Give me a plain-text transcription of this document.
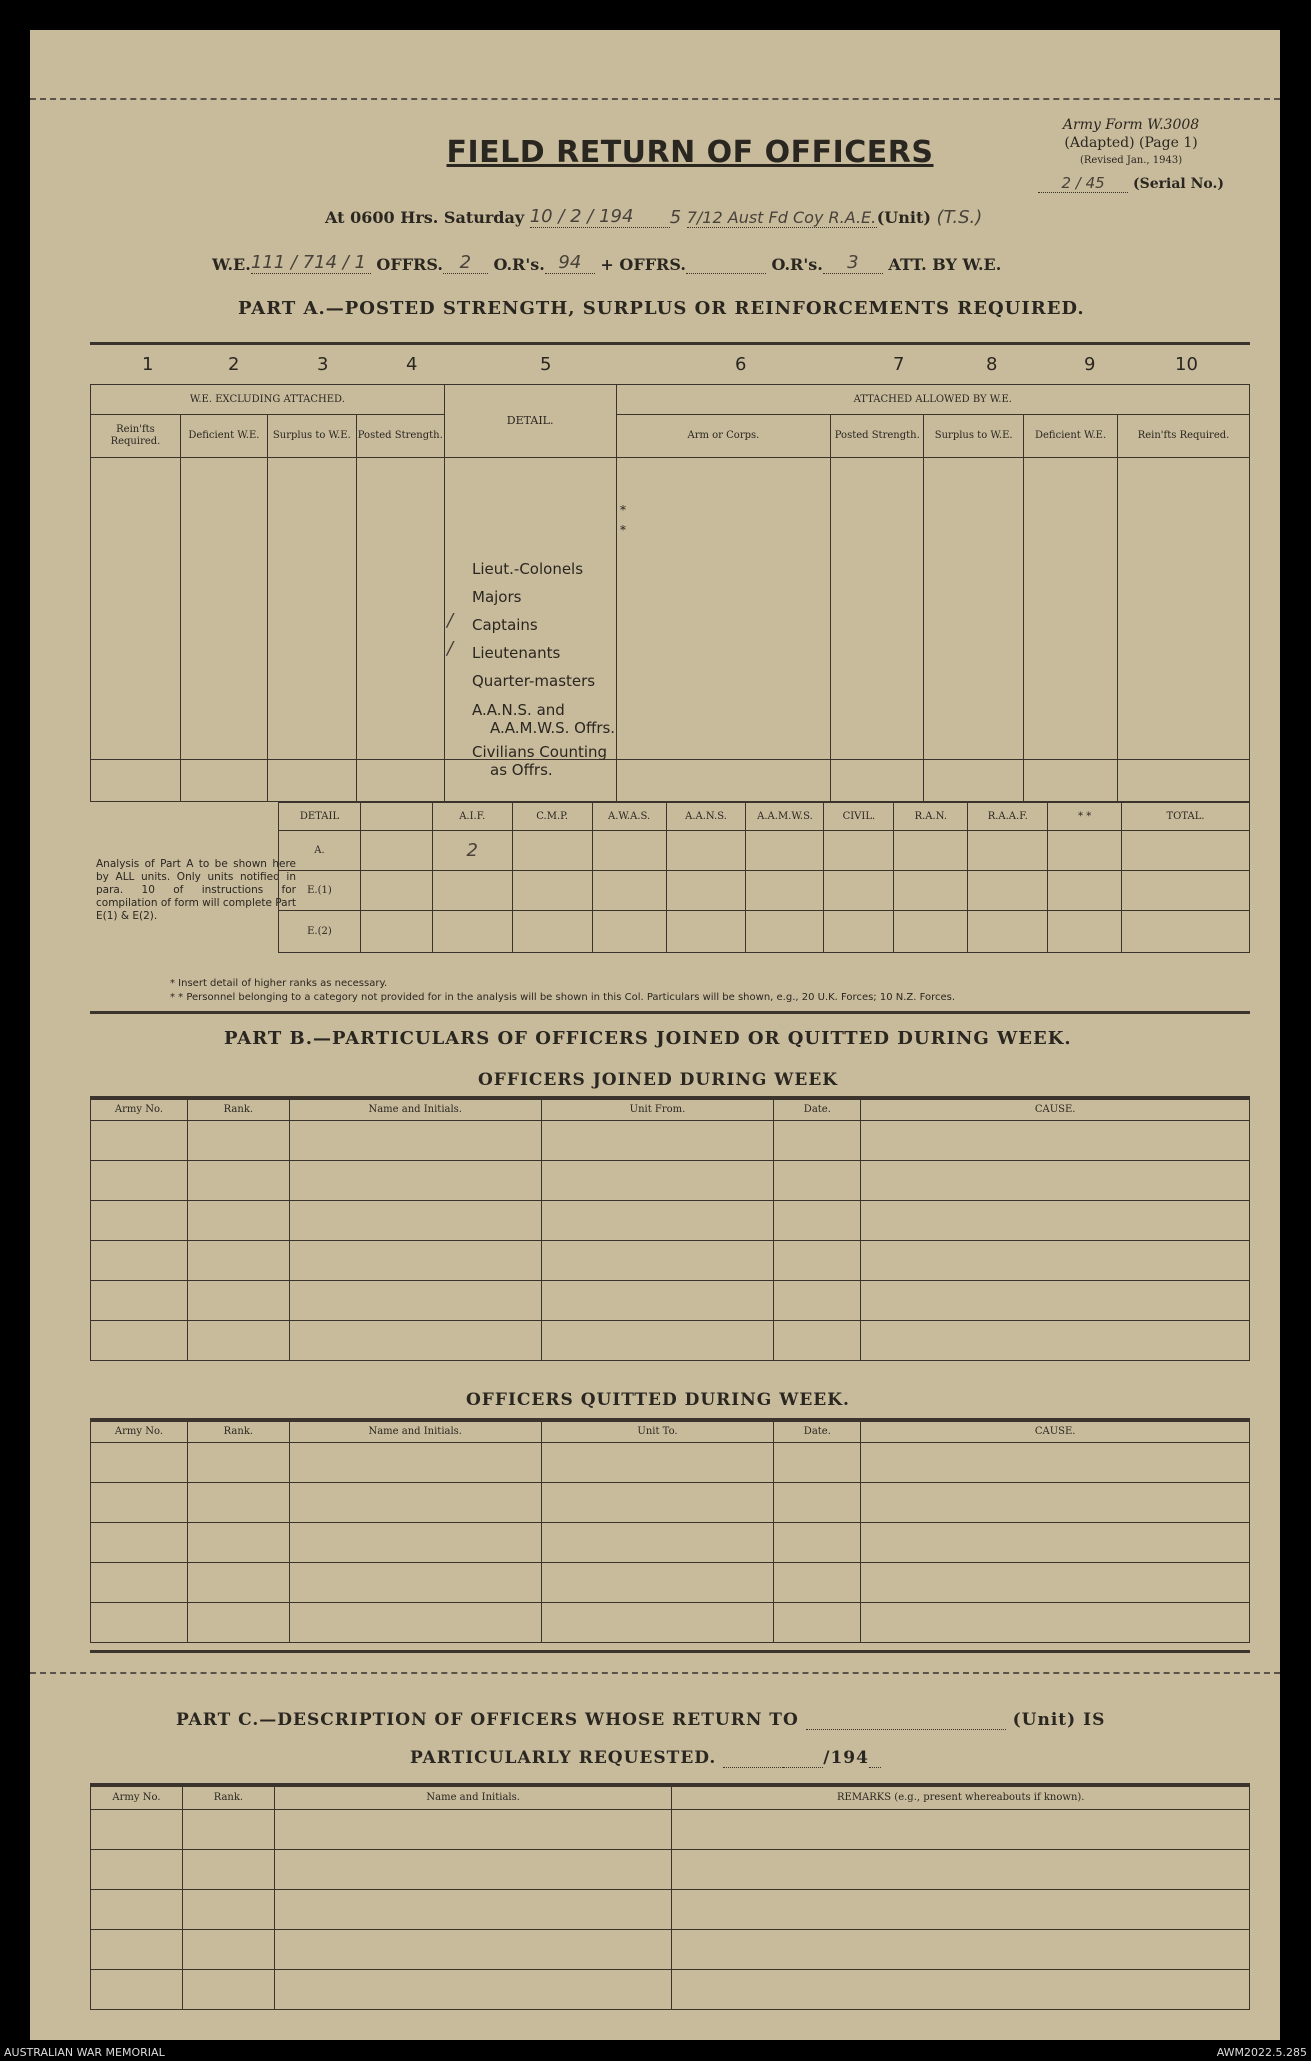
Army Form W.3008
(Adapted) (Page 1)
(Revised Jan., 1943)
2 / 45 (Serial No.)
FIELD RETURN OF OFFICERS
At 0600 Hrs. Saturday 10 / 2 / 194 5 7/12 Aust Fd Coy R.A.E.(Unit) (T.S.)
W.E.111 / 714 / 1 OFFRS. 2 O.R's. 94 + OFFRS.	O.R's. 3 ATT. BY W.E.
PART A.—POSTED STRENGTH, SURPLUS OR REINFORCEMENTS REQUIRED.
1	2	3	4	5	6	7	8	9	10
W.E. EXCLUDING ATTACHED.				DETAIL.	ATTACHED ALLOWED BY W.E.				
Rein'fts Required.	Deficient W.E.	Surplus to W.E.	Posted Strength.		Arm or Corps.	Posted Strength.	Surplus to W.E.	Deficient W.E.	Rein'fts Required.

*
*
Lieut.-Colonels
Majors
Captains
Lieutenants
Quarter-masters
A.A.N.S. and
A.A.M.W.S. Offrs.
Civilians Counting
as Offrs.
/
/
Analysis of Part A to be shown here by ALL units. Only units notified in para. 10 of instructions for compilation of form will complete Part E(1) & E(2).
DETAIL		A.I.F.	C.M.P.	A.W.A.S.	A.A.N.S.	A.A.M.W.S.	CIVIL.	R.A.N.	R.A.A.F.	* *	TOTAL.
A.		2									
E.(1)											
E.(2)											
* Insert detail of higher ranks as necessary.
* * Personnel belonging to a category not provided for in the analysis will be shown in this Col. Particulars will be shown, e.g., 20 U.K. Forces; 10 N.Z. Forces.
PART B.—PARTICULARS OF OFFICERS JOINED OR QUITTED DURING WEEK.
OFFICERS JOINED DURING WEEK
Army No.	Rank.	Name and Initials.	Unit From.	Date.	CAUSE.

OFFICERS QUITTED DURING WEEK.
Army No.	Rank.	Name and Initials.	Unit To.	Date.	CAUSE.

PART C.—DESCRIPTION OF OFFICERS WHOSE RETURN TO	(Unit) IS
PARTICULARLY REQUESTED.	/194
Army No.	Rank.	Name and Initials.	REMARKS (e.g., present whereabouts if known).

AUSTRALIAN WAR MEMORIAL	AWM2022.5.285
